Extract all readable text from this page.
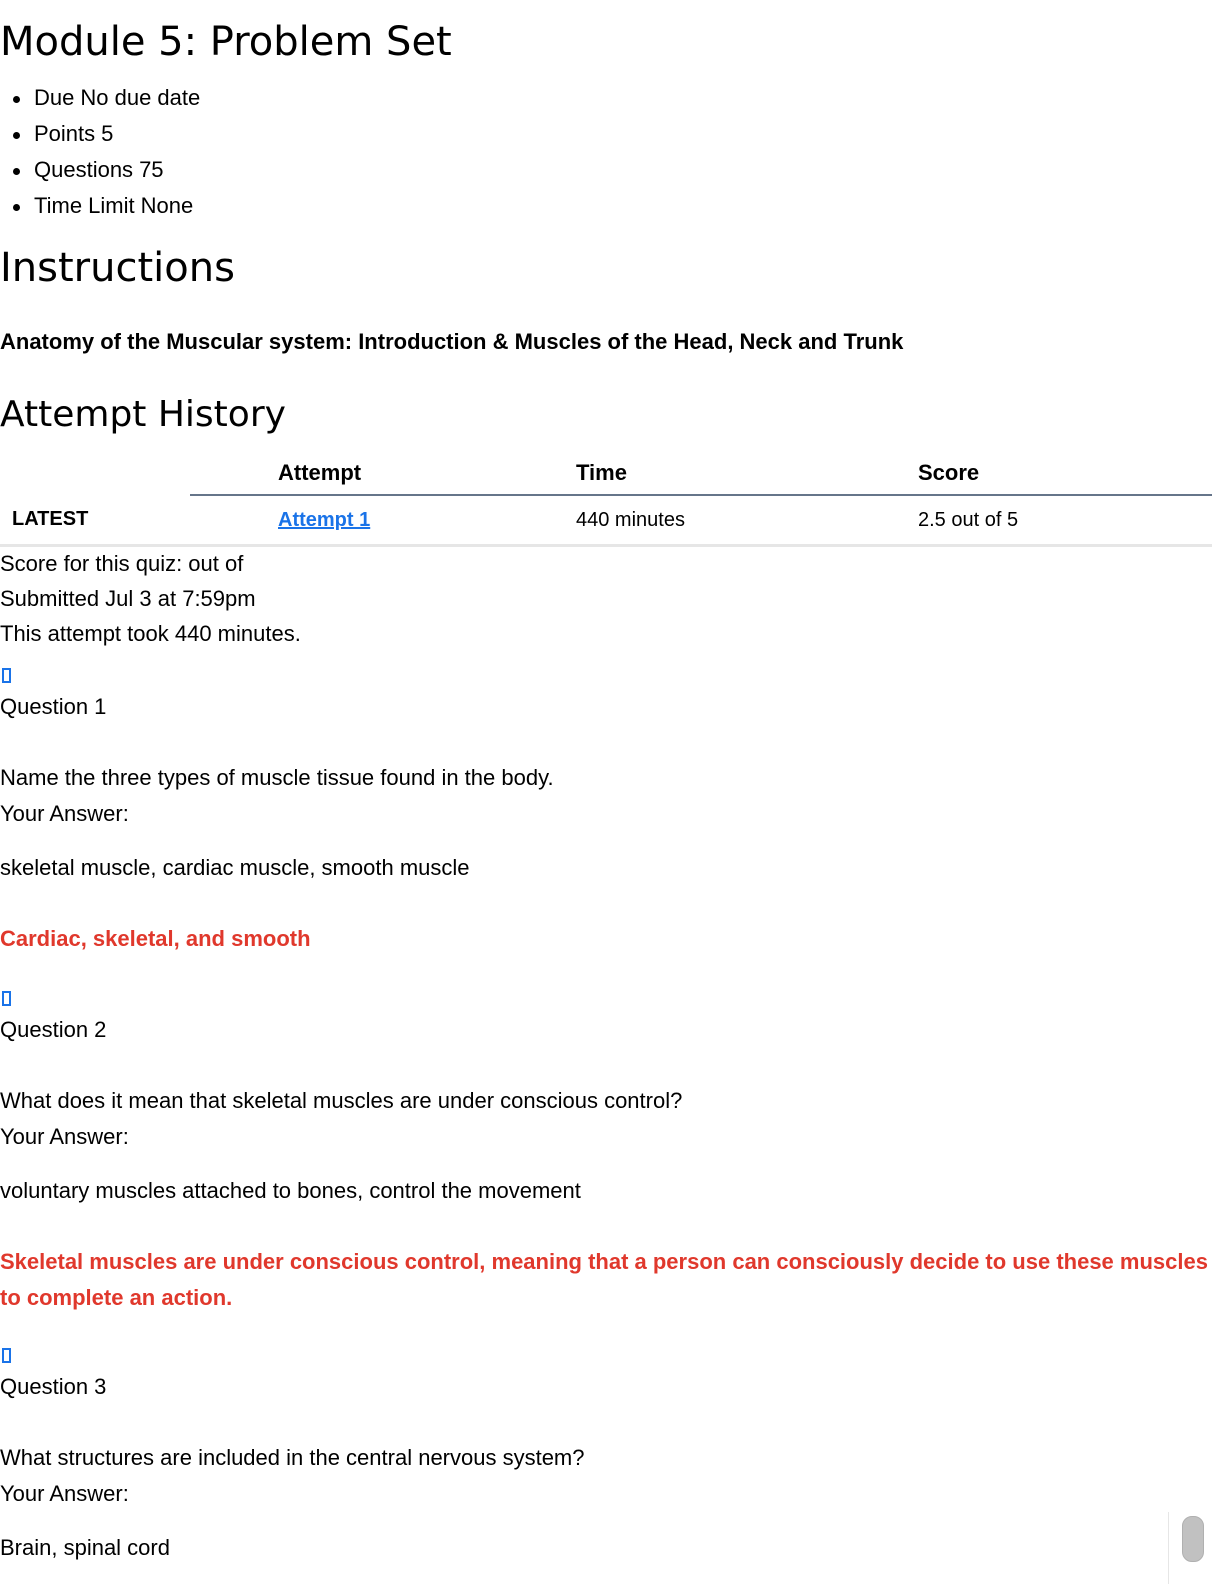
Module 5: Problem Set
Due No due date
Points 5
Questions 75
Time Limit None
Instructions

Anatomy of the Muscular system: Introduction & Muscles of the Head, Neck and Trunk

Attempt History
	Attempt	Time	Score
LATEST	Attempt 1	440 minutes	2.5 out of 5
Score for this quiz: out of
Submitted Jul 3 at 7:59pm
This attempt took 440 minutes.
Question 1
Name the three types of muscle tissue found in the body.
Your Answer:
skeletal muscle, cardiac muscle, smooth muscle
Cardiac, skeletal, and smooth
Question 2
What does it mean that skeletal muscles are under conscious control?
Your Answer:
voluntary muscles attached to bones, control the movement
Skeletal muscles are under conscious control, meaning that a person can consciously decide to use these muscles to complete an action.
Question 3
What structures are included in the central nervous system?
Your Answer:
Brain, spinal cord
